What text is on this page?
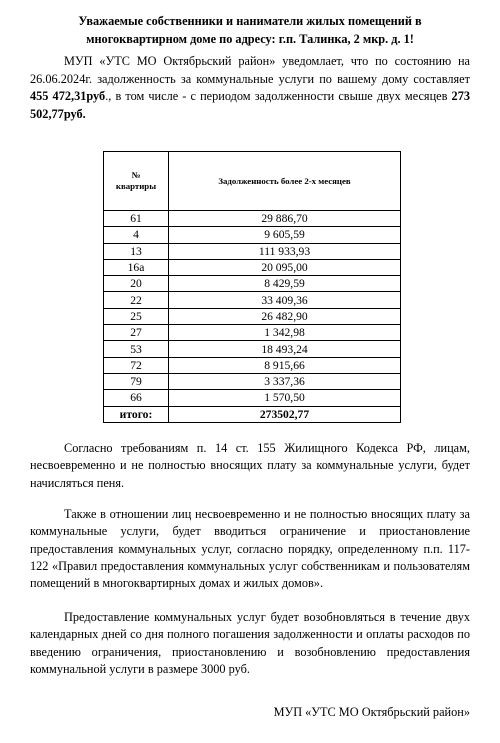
Уважаемые собственники и наниматели жилых помещений в
многоквартирном доме по адресу: г.п. Талинка, 2 мкр. д. 1!
МУП «УТС МО Октябрьский район» уведомлает, что по состоянию на 26.06.2024г. задолженность за коммунальные услуги по вашему дому составляет 455 472,31руб., в том числе - с периодом задолженности свыше двух месяцев 273 502,77руб.
№
квартиры	Задолженность более 2-х месяцев
61	29 886,70
4	9 605,59
13	111 933,93
16а	20 095,00
20	8 429,59
22	33 409,36
25	26 482,90
27	1 342,98
53	18 493,24
72	8 915,66
79	3 337,36
66	1 570,50
итого:	273502,77
Согласно требованиям п. 14 ст. 155 Жилищного Кодекса РФ, лицам, несвоевременно и не полностью вносящих плату за коммунальные услуги, будет начисляться пеня.
Также в отношении лиц несвоевременно и не полностью вносящих плату за коммунальные услуги, будет вводиться ограничение и приостановление предоставления коммунальных услуг, согласно порядку, определенному п.п. 117-122 «Правил предоставления коммунальных услуг собственникам и пользователям помещений в многоквартирных домах и жилых домов».
Предоставление коммунальных услуг будет возобновляться в течение двух календарных дней со дня полного погашения задолженности и оплаты расходов по введению ограничения, приостановлению и возобновлению предоставления коммунальной услуги в размере 3000 руб.
МУП «УТС МО Октябрьский район»
